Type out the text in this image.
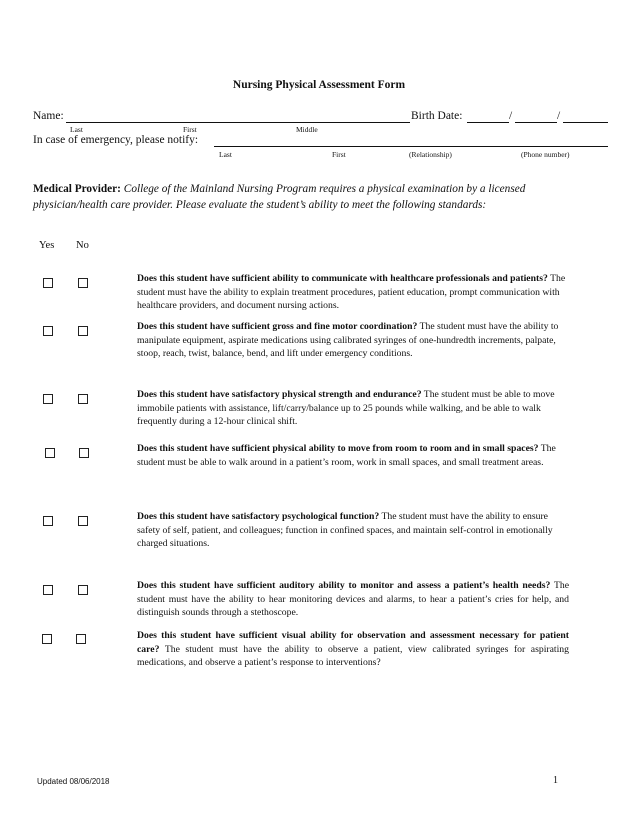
Nursing Physical Assessment Form
Name:	Birth Date:	/	/
Last	First	Middle
In case of emergency, please notify:
Last	First	(Relationship)	(Phone number)
Medical Provider: College of the Mainland Nursing Program requires a physical examination by a licensed physician/health care provider. Please evaluate the student’s ability to meet the following standards:
Yes No
Does this student have sufficient ability to communicate with healthcare professionals and patients? The student must have the ability to explain treatment procedures, patient education, prompt communication with healthcare providers, and document nursing actions.
Does this student have sufficient gross and fine motor coordination? The student must have the ability to manipulate equipment, aspirate medications using calibrated syringes of one-hundredth increments, palpate, stoop, reach, twist, balance, bend, and lift under emergency conditions.
Does this student have satisfactory physical strength and endurance? The student must be able to move immobile patients with assistance, lift/carry/balance up to 25 pounds while walking, and be able to walk frequently during a 12-hour clinical shift.
Does this student have sufficient physical ability to move from room to room and in small spaces? The student must be able to walk around in a patient’s room, work in small spaces, and small treatment areas.
Does this student have satisfactory psychological function? The student must have the ability to ensure safety of self, patient, and colleagues; function in confined spaces, and maintain self-control in emotionally charged situations.
Does this student have sufficient auditory ability to monitor and assess a patient’s health needs? The student must have the ability to hear monitoring devices and alarms, to hear a patient’s cries for help, and distinguish sounds through a stethoscope.
Does this student have sufficient visual ability for observation and assessment necessary for patient care? The student must have the ability to observe a patient, view calibrated syringes for aspirating medications, and observe a patient’s response to interventions?
Updated 08/06/2018	1
